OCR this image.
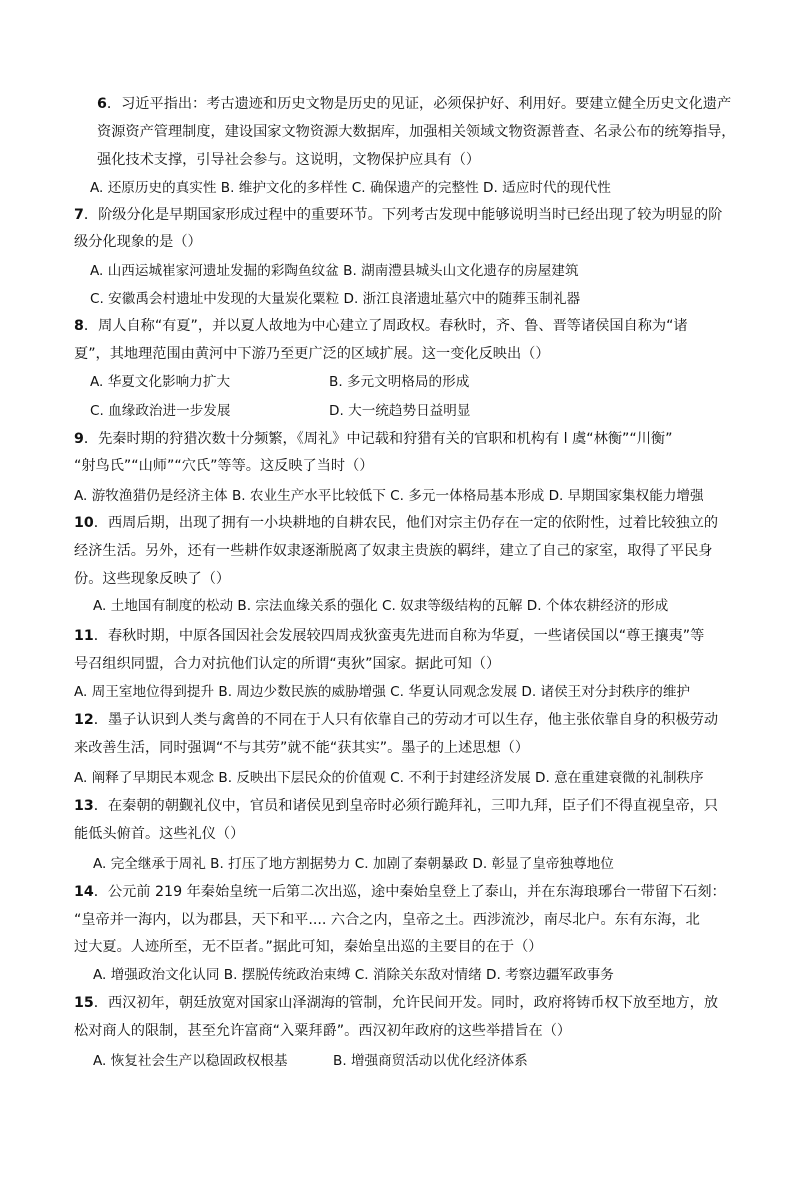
6．习近平指出：考古遗迹和历史文物是历史的见证，必须保护好、利用好。要建立健全历史文化遗产
资源资产管理制度，建设国家文物资源大数据库，加强相关领域文物资源普查、名录公布的统筹指导，
强化技术支撑，引导社会参与。这说明，文物保护应具有（）
A. 还原历史的真实性 B. 维护文化的多样性 C. 确保遗产的完整性 D. 适应时代的现代性
7．阶级分化是早期国家形成过程中的重要环节。下列考古发现中能够说明当时已经出现了较为明显的阶
级分化现象的是（）
A. 山西运城崔家河遗址发掘的彩陶鱼纹盆 B. 湖南澧县城头山文化遗存的房屋建筑
C. 安徽禹会村遗址中发现的大量炭化粟粒 D. 浙江良渚遗址墓穴中的随葬玉制礼器
8．周人自称“有夏”，并以夏人故地为中心建立了周政权。春秋时，齐、鲁、晋等诸侯国自称为“诸
夏”，其地理范围由黄河中下游乃至更广泛的区域扩展。这一变化反映出（）
A. 华夏文化影响力扩大	B. 多元文明格局的形成
C. 血缘政治进一步发展	D. 大一统趋势日益明显
9．先秦时期的狩猎次数十分频繁，《周礼》中记载和狩猎有关的官职和机构有 l 虞“林衡”“川衡”
“射鸟氏”“山师”“穴氏”等等。这反映了当时（）
A. 游牧渔猎仍是经济主体 B. 农业生产水平比较低下 C. 多元一体格局基本形成 D. 早期国家集权能力增强
10．西周后期，出现了拥有一小块耕地的自耕农民，他们对宗主仍存在一定的依附性，过着比较独立的
经济生活。另外，还有一些耕作奴隶逐渐脱离了奴隶主贵族的羁绊，建立了自己的家室，取得了平民身
份。这些现象反映了（）
A. 土地国有制度的松动 B. 宗法血缘关系的强化 C. 奴隶等级结构的瓦解 D. 个体农耕经济的形成
11．春秋时期，中原各国因社会发展较四周戎狄蛮夷先进而自称为华夏，一些诸侯国以“尊王攘夷”等
号召组织同盟，合力对抗他们认定的所谓“夷狄”国家。据此可知（）
A. 周王室地位得到提升 B. 周边少数民族的威胁增强 C. 华夏认同观念发展 D. 诸侯王对分封秩序的维护
12．墨子认识到人类与禽兽的不同在于人只有依靠自己的劳动才可以生存，他主张依靠自身的积极劳动
来改善生活，同时强调“不与其劳”就不能“获其实”。墨子的上述思想（）
A. 阐释了早期民本观念 B. 反映出下层民众的价值观 C. 不利于封建经济发展 D. 意在重建衰微的礼制秩序
13．在秦朝的朝觐礼仪中，官员和诸侯见到皇帝时必须行跪拜礼，三叩九拜，臣子们不得直视皇帝，只
能低头俯首。这些礼仪（）
A. 完全继承于周礼 B. 打压了地方割据势力 C. 加剧了秦朝暴政 D. 彰显了皇帝独尊地位
14．公元前 219 年秦始皇统一后第二次出巡，途中秦始皇登上了泰山，并在东海琅琊台一带留下石刻：
“皇帝并一海内，以为郡县，天下和平.... 六合之内，皇帝之土。西涉流沙，南尽北户。东有东海，北
过大夏。人迹所至，无不臣者。”据此可知，秦始皇出巡的主要目的在于（）
A. 增强政治文化认同 B. 摆脱传统政治束缚 C. 消除关东敌对情绪 D. 考察边疆军政事务
15．西汉初年，朝廷放宽对国家山泽湖海的管制，允许民间开发。同时，政府将铸币权下放至地方，放
松对商人的限制，甚至允许富商“入粟拜爵”。西汉初年政府的这些举措旨在（）
A. 恢复社会生产以稳固政权根基	B. 增强商贸活动以优化经济体系
